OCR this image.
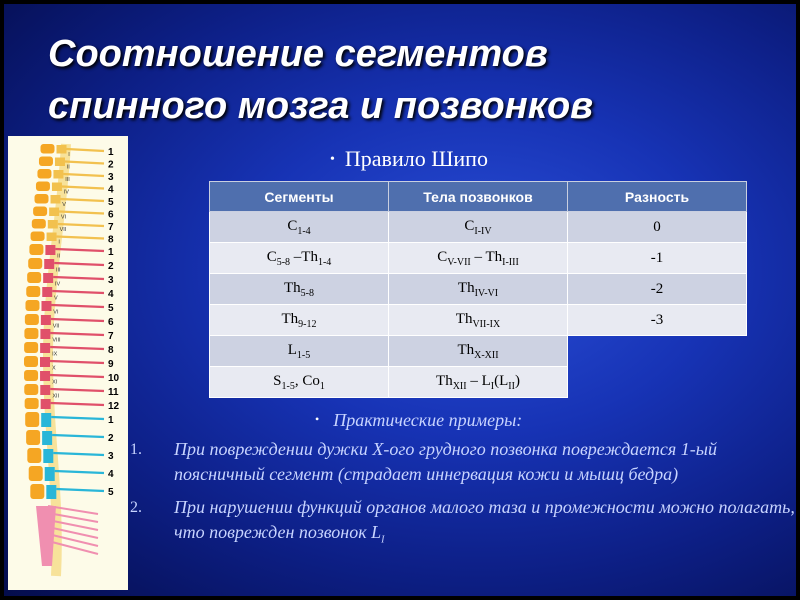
Соотношение сегментов
спинного мозга и позвонков
• Правило Шипо
1
2
3
4
5
6
7
8
1
2
3
4
5
6
7
8
9
10
11
12
1
2
3
4
5
I
II
III
IV
V
VI
VII
I
II
III
IV
V
VI
VII
VIII
IX
X
XI
XII
Сегменты	Тела позвонков	Разность
$C_{1-4}$	$C_{I-IV}$	0
$C_{5-8}$ $-Th_{1-4}$	$C_{V-VII} - Th_{I-III}$	-1
$Th_{5-8}$	$Th_{IV-VI}$	-2
$Th_{9-12}$	$Th_{VII-IX}$	-3
$L_{1-5}$	$Th_{X-XII}$	
$S_{1-5}$, $Co_1$	$Th_{XII} - L_I(L_{II})$	
• Практические примеры:
1.	При повреждении дужки X-ого грудного позвонка повреждается 1-ый поясничный сегмент (страдает иннервация кожи и мышц бедра)
2.	При нарушении функций органов малого таза и промежности можно полагать, что поврежден позвонок $L_I$
